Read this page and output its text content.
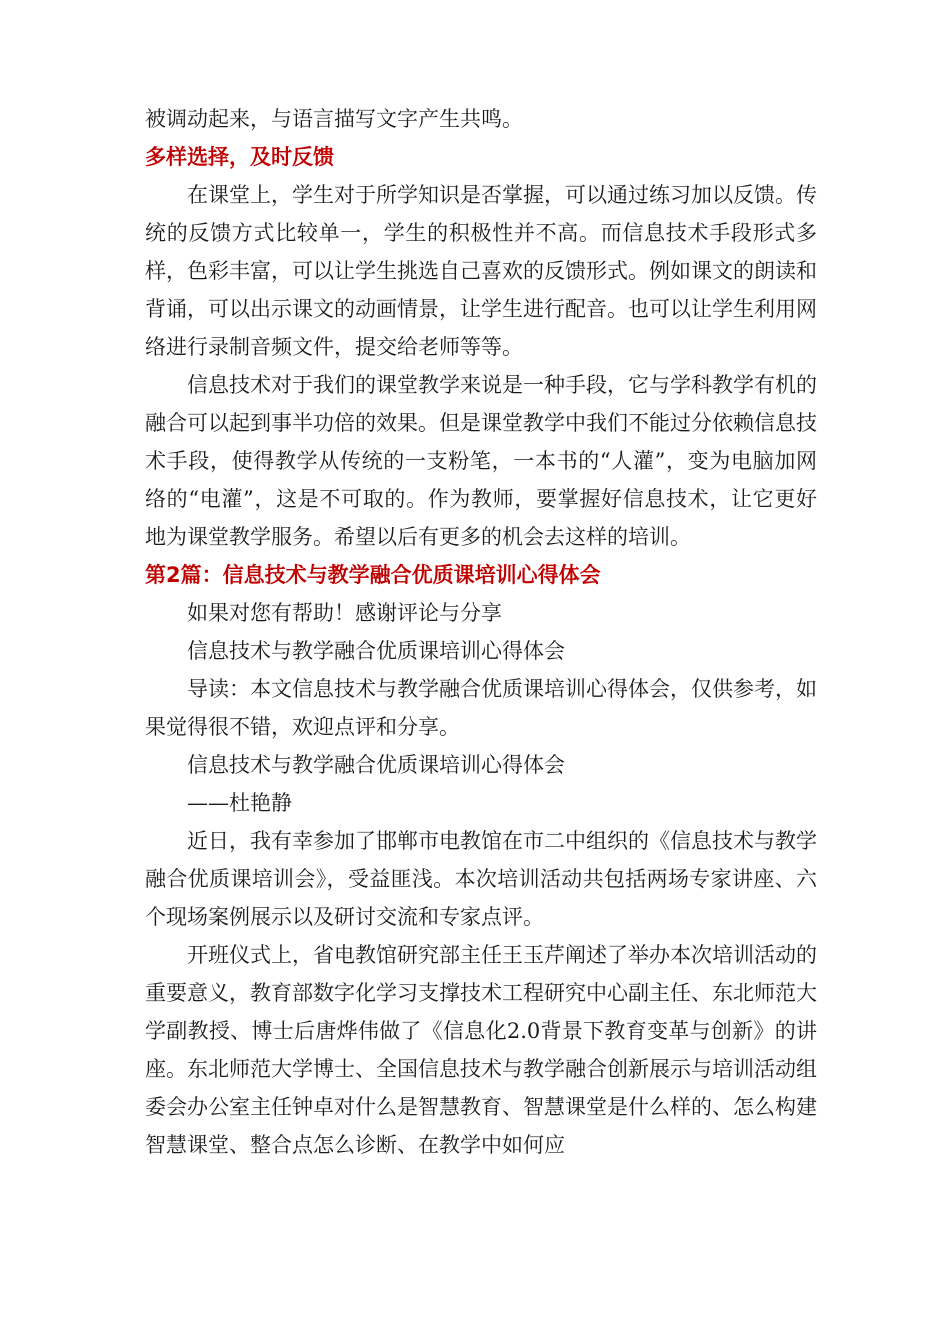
被调动起来，与语言描写文字产生共鸣。

多样选择，及时反馈

在课堂上，学生对于所学知识是否掌握，可以通过练习加以反馈。传统的反馈方式比较单一，学生的积极性并不高。而信息技术手段形式多样，色彩丰富，可以让学生挑选自己喜欢的反馈形式。例如课文的朗读和背诵，可以出示课文的动画情景，让学生进行配音。也可以让学生利用网络进行录制音频文件，提交给老师等等。

信息技术对于我们的课堂教学来说是一种手段，它与学科教学有机的融合可以起到事半功倍的效果。但是课堂教学中我们不能过分依赖信息技术手段，使得教学从传统的一支粉笔，一本书的“人灌”，变为电脑加网络的“电灌”，这是不可取的。作为教师，要掌握好信息技术，让它更好地为课堂教学服务。希望以后有更多的机会去这样的培训。

第2篇：信息技术与教学融合优质课培训心得体会

如果对您有帮助！感谢评论与分享

信息技术与教学融合优质课培训心得体会

导读：本文信息技术与教学融合优质课培训心得体会，仅供参考，如果觉得很不错，欢迎点评和分享。

信息技术与教学融合优质课培训心得体会

——杜艳静

近日，我有幸参加了邯郸市电教馆在市二中组织的《信息技术与教学融合优质课培训会》，受益匪浅。本次培训活动共包括两场专家讲座、六个现场案例展示以及研讨交流和专家点评。

开班仪式上，省电教馆研究部主任王玉芹阐述了举办本次培训活动的重要意义，教育部数字化学习支撑技术工程研究中心副主任、东北师范大学副教授、博士后唐烨伟做了《信息化2.0背景下教育变革与创新》的讲座。东北师范大学博士、全国信息技术与教学融合创新展示与培训活动组委会办公室主任钟卓对什么是智慧教育、智慧课堂是什么样的、怎么构建智慧课堂、整合点怎么诊断、在教学中如何应
